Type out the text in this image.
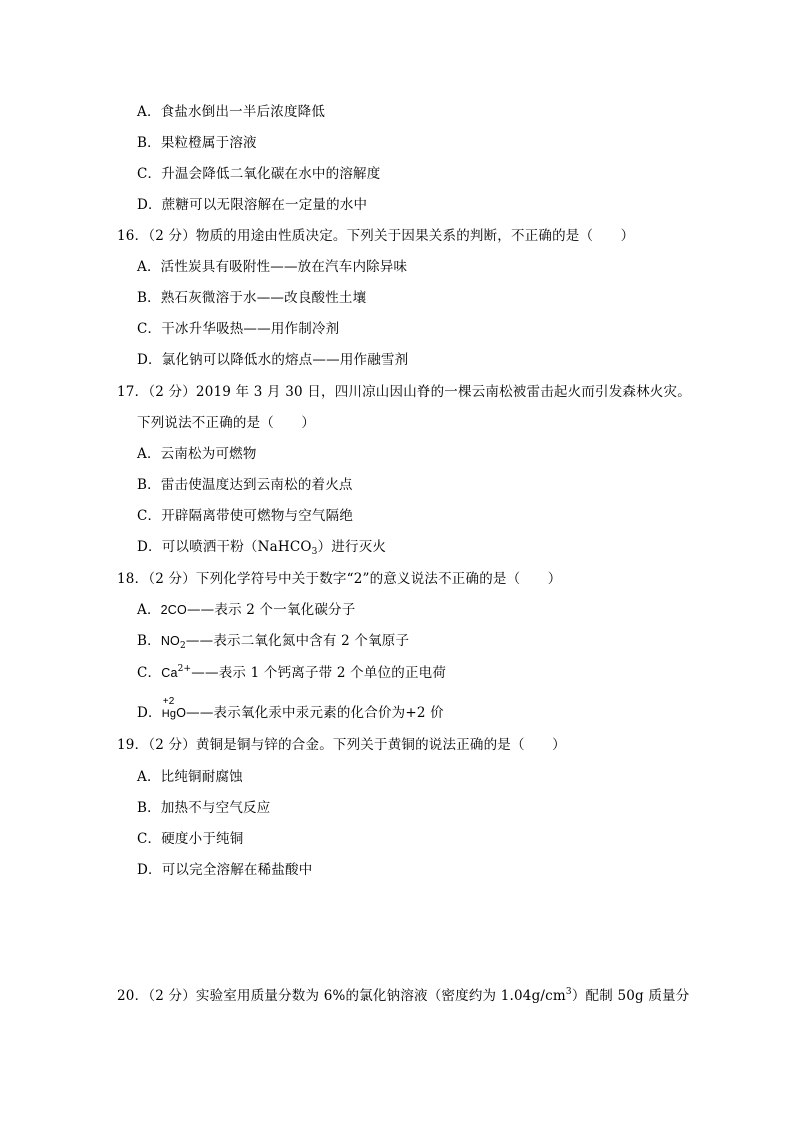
A．食盐水倒出一半后浓度降低
B．果粒橙属于溶液
C．升温会降低二氧化碳在水中的溶解度
D．蔗糖可以无限溶解在一定量的水中
16．（2 分）物质的用途由性质决定。下列关于因果关系的判断，不正确的是（　　）
A．活性炭具有吸附性——放在汽车内除异味
B．熟石灰微溶于水——改良酸性土壤
C．干冰升华吸热——用作制冷剂
D．氯化钠可以降低水的熔点——用作融雪剂
17．（2 分）2019 年 3 月 30 日，四川凉山因山脊的一棵云南松被雷击起火而引发森林火灾。
下列说法不正确的是（　　）
A．云南松为可燃物
B．雷击使温度达到云南松的着火点
C．开辟隔离带使可燃物与空气隔绝
D．可以喷洒干粉（NaHCO$_3$）进行灭火
18．（2 分）下列化学符号中关于数字“2”的意义说法不正确的是（　　）
A．2CO——表示 2 个一氧化碳分子
B．$NO_2——$表示二氧化氮中含有 2 个氧原子
C．$Ca^{2+}——$表示 1 个钙离子带 2 个单位的正电荷
D．
+2
HgO——表示氧化汞中汞元素的化合价为+2 价
19．（2 分）黄铜是铜与锌的合金。下列关于黄铜的说法正确的是（　　）
A．比纯铜耐腐蚀
B．加热不与空气反应
C．硬度小于纯铜
D．可以完全溶解在稀盐酸中
20．（2 分）实验室用质量分数为 6%的氯化钠溶液（密度约为 $1.04g/cm^3$）配制 50g 质量分
